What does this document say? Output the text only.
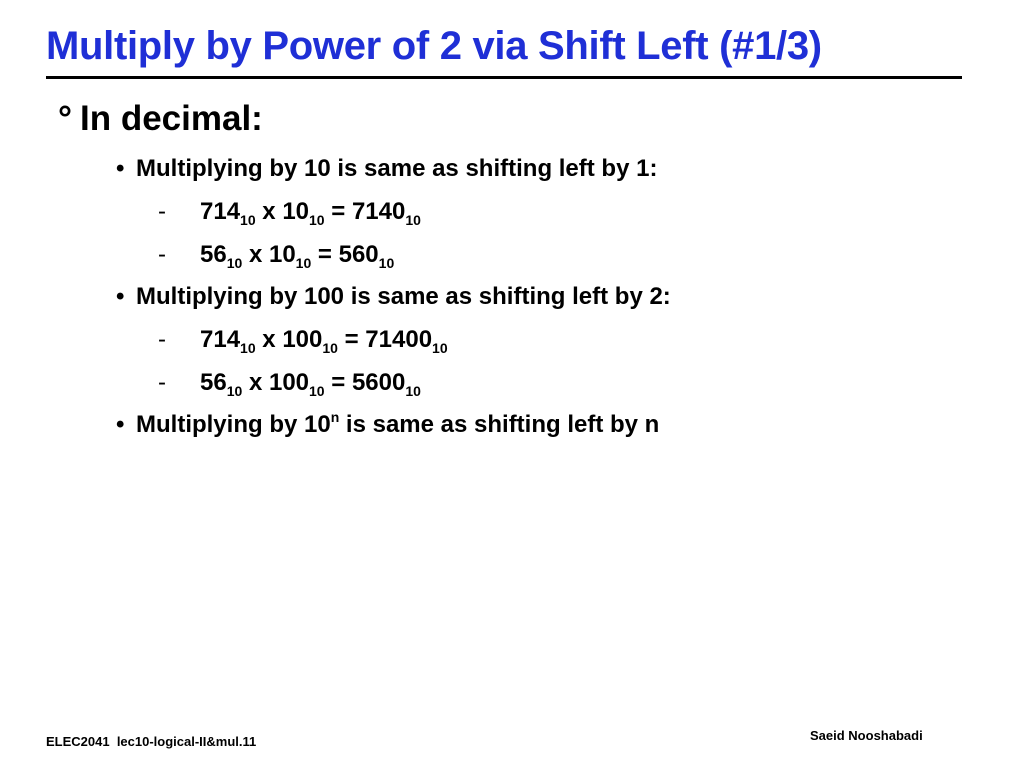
Multiply by Power of 2 via Shift Left (#1/3)
° In decimal:
• Multiplying by 10 is same as shifting left by 1:
- $714_{10}$ x $10_{10} = 7140_{10}$
- $56_{10}$ x $10_{10} = 560_{10}$
• Multiplying by 100 is same as shifting left by 2:
- $714_{10}$ x $100_{10} = 71400_{10}$
- $56_{10}$ x $100_{10} = 5600_{10}$
• Multiplying by 10$^n$ is same as shifting left by n
ELEC2041  lec10-logical-II&mul.11	Saeid Nooshabadi
